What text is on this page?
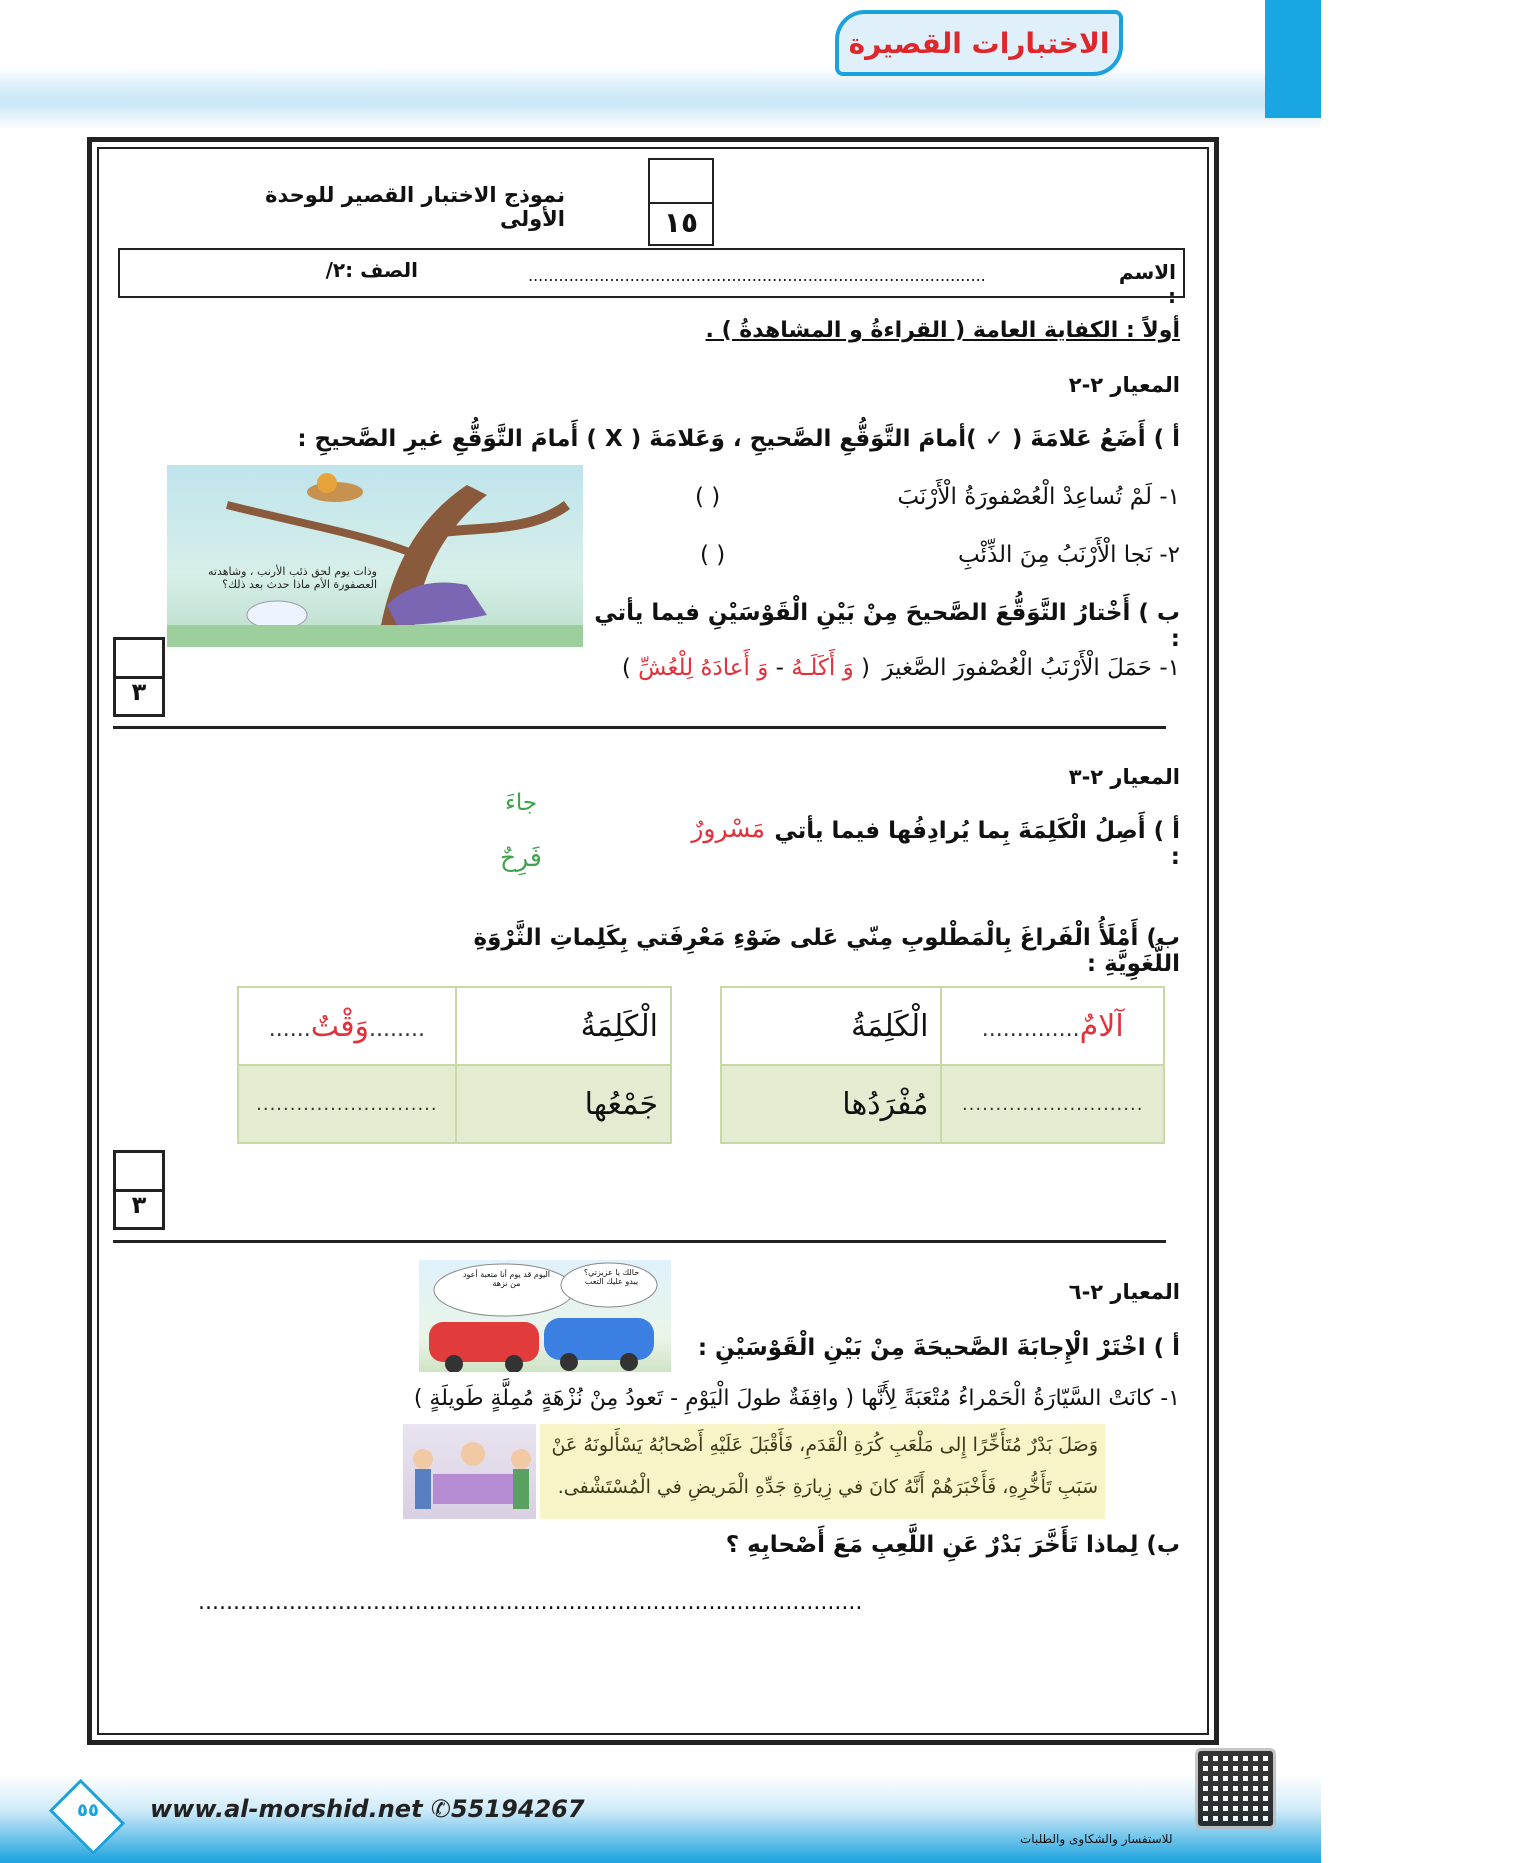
الاختبارات القصيرة
نموذج الاختبار القصير للوحدة الأولى	١٥
الاسم :
..........................................................................................
الصف :٢/
أولاً : الكفاية العامة ( القراءةُ و المشاهدةُ ) .
المعيار ٢-٢
أ ) أَضَعُ عَلامَةَ ( ✓ )أمامَ التَّوَقُّعِ الصَّحيحِ ، وَعَلامَةَ ( X ) أَمامَ التَّوَقُّعِ غيرِ الصَّحيحِ :
وذات يوم لحق ذئب الأرنب ، وشاهدته العصفورة الأم ماذا حدث بعد ذلك؟
١- لَمْ تُساعِدْ الْعُصْفورَةُ الْأَرْنَبَ
( )
٢- نَجا الْأَرْنَبُ مِنَ الذِّئْبِ
( )
ب ) أَخْتارُ التَّوَقُّعَ الصَّحيحَ مِنْ بَيْنِ الْقَوْسَيْنِ فيما يأتي :
٣
١- حَمَلَ الْأَرْنَبُ الْعُصْفورَ الصَّغيرَ
( وَ أَكَلَـهُ - وَ أَعادَهُ لِلْعُشِّ )
المعيار ٢-٣
جاءَ
أ ) أَصِلُ الْكَلِمَةَ بِما يُرادِفُها فيما يأتي :
مَسْرورٌ
فَرِحٌ
ب) أَمْلَأُ الْفَراغَ بِالْمَطْلوبِ مِنّي عَلى ضَوْءِ مَعْرِفَتي بِكَلِماتِ الثَّرْوَةِ اللُّغَوِيَّةِ :
الْكَلِمَةُ	..............آلامٌ
مُفْرَدُها	...........................
......وَقْتٌ........	الْكَلِمَةُ
...........................	جَمْعُها
٣
اليوم قد يوم أنا متعبة أعود من نزهة
حالك يا عزيزتي؟ يبدو عليك التعب	المعيار ٢-٦
أ ) اخْتَرْ الْإِجابَةَ الصَّحيحَةَ مِنْ بَيْنِ الْقَوْسَيْنِ :
١- كانَتْ السَّيّارَةُ الْحَمْراءُ مُتْعَبَةً لِأَنَّها ( واقِفَةٌ طولَ الْيَوْمِ - تَعودُ مِنْ نُزْهَةٍ مُمِلَّةٍ طَويلَةٍ )
وَصَلَ بَدْرٌ مُتَأَخِّرًا إِلى مَلْعَبِ كُرَةِ الْقَدَمِ، فَأَقْبَلَ عَلَيْهِ أَصْحابُهُ يَسْأَلونَهُ عَنْ
سَبَبِ تَأَخُّرِهِ، فَأَخْبَرَهُمْ أَنَّهُ كانَ في زِيارَةِ جَدِّهِ الْمَريضِ في الْمُسْتَشْفى.
ب) لِماذا تَأَخَّرَ بَدْرٌ عَنِ اللَّعِبِ مَعَ أَصْحابِهِ ؟
...............................................................................................
٥٥	www.al-morshid.net ✆55194267
للاستفسار والشكاوى والطلبات
